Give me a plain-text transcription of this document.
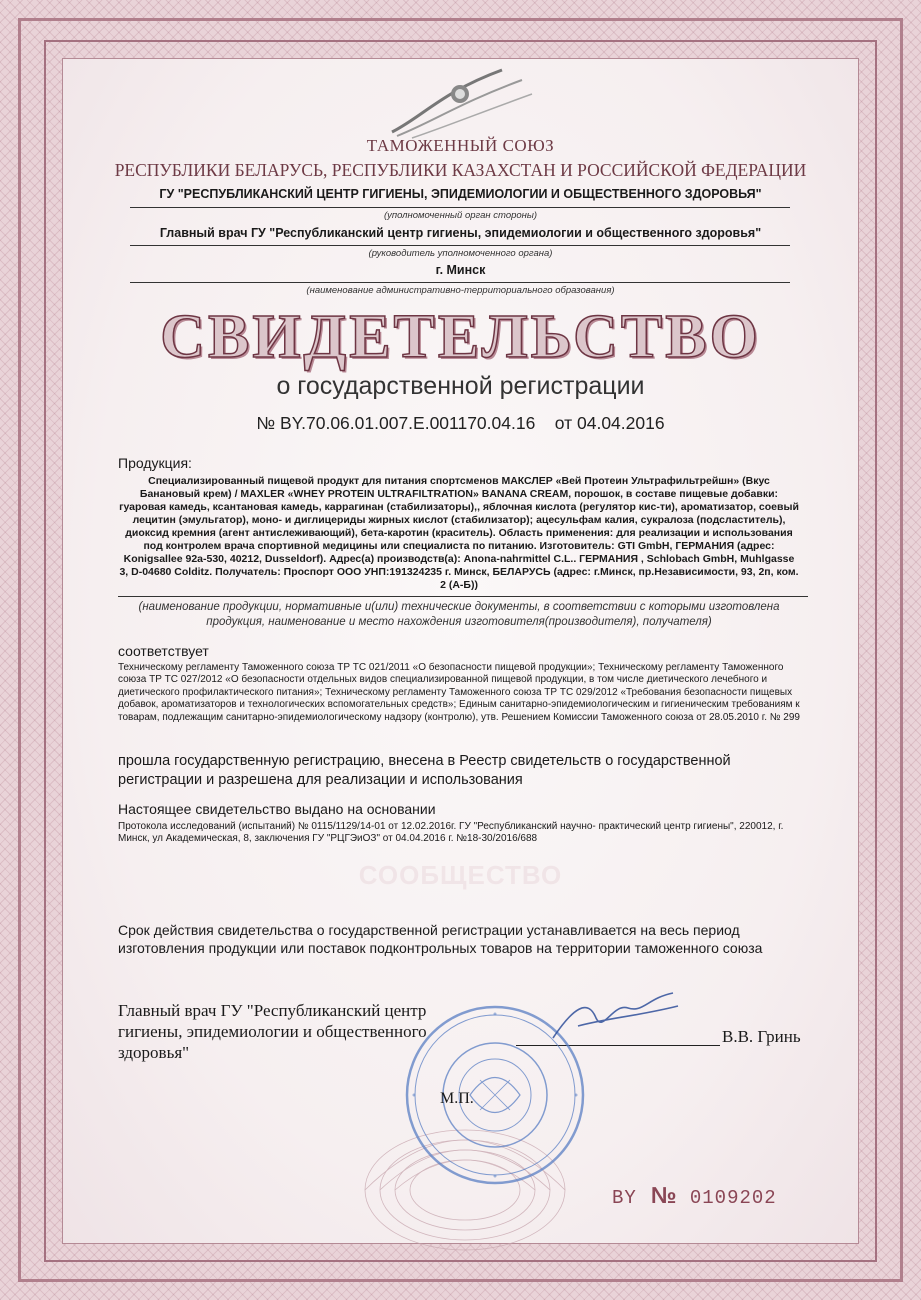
ТАМОЖЕННЫЙ СОЮЗ
РЕСПУБЛИКИ БЕЛАРУСЬ, РЕСПУБЛИКИ КАЗАХСТАН И РОССИЙСКОЙ ФЕДЕРАЦИИ
ГУ "РЕСПУБЛИКАНСКИЙ ЦЕНТР ГИГИЕНЫ, ЭПИДЕМИОЛОГИИ И ОБЩЕСТВЕННОГО ЗДОРОВЬЯ"
(уполномоченный орган стороны)
Главный врач ГУ "Республиканский центр гигиены, эпидемиологии и общественного здоровья"
(руководитель уполномоченного органа)
г. Минск
(наименование административно-территориального образования)
СВИДЕТЕЛЬСТВО
о государственной регистрации
№ BY.70.06.01.007.E.001170.04.16    от 04.04.2016
СООБЩЕСТВО
Продукция:
Специализированный пищевой продукт для питания спортсменов МАКСЛЕР «Вей Протеин Ультрафильтрейшн» (Вкус Банановый крем) / MAXLER «WHEY PROTEIN ULTRAFILTRATION» BANANA CREAM, порошок, в составе пищевые добавки: гуаровая камедь, ксантановая камедь, каррагинан (стабилизаторы),, яблочная кислота (регулятор кис-ти), ароматизатор, соевый лецитин (эмульгатор), моно- и диглицериды жирных кислот (стабилизатор); ацесульфам калия, сукралоза (подсластитель), диоксид кремния (агент антислеживающий), бета-каротин (краситель). Область применения: для реализации и использования под контролем врача спортивной медицины или специалиста по питанию. Изготовитель: GTI GmbH, ГЕРМАНИЯ (адрес: Konigsallee 92а-530, 40212, Dusseldorf). Адрес(а) производств(а): Anona-nahrmittel C.L.. ГЕРМАНИЯ , Schlobach GmbH, Muhlgasse 3, D-04680 Colditz. Получатель: Проспорт ООО УНП:191324235 г. Минск, БЕЛАРУСЬ (адрес: г.Минск, пр.Независимости, 93, 2п, ком. 2 (А-Б))
(наименование продукции, нормативные и(или) технические документы, в соответствии с которыми изготовлена продукция, наименование и место нахождения изготовителя(производителя), получателя)
соответствует
Техническому регламенту Таможенного союза ТР ТС 021/2011 «О безопасности пищевой продукции»; Техническому регламенту Таможенного союза ТР ТС 027/2012 «О безопасности отдельных видов специализированной пищевой продукции, в том числе диетического лечебного и диетического профилактического питания»; Техническому регламенту Таможенного союза ТР ТС 029/2012 «Требования безопасности пищевых добавок, ароматизаторов и технологических вспомогательных средств»; Единым санитарно-эпидемиологическим и гигиеническим требованиям к товарам, подлежащим санитарно-эпидемиологическому надзору (контролю), утв. Решением Комиссии Таможенного союза от 28.05.2010 г. № 299
прошла государственную регистрацию, внесена в Реестр свидетельств о государственной регистрации и разрешена для реализации и использования
Настоящее свидетельство выдано на основании
Протокола исследований (испытаний) № 0115/1129/14-01 от 12.02.2016г. ГУ "Республиканский научно- практический центр гигиены", 220012, г. Минск, ул Академическая, 8, заключения ГУ "РЦГЭиОЗ" от 04.04.2016 г. №18-30/2016/688
Срок действия свидетельства о государственной регистрации устанавливается на весь период изготовления продукции или поставок подконтрольных товаров на территории таможенного союза
Главный врач ГУ "Республиканский центр гигиены, эпидемиологии и общественного здоровья"
В.В. Гринь
М.П.
BY № 0109202
